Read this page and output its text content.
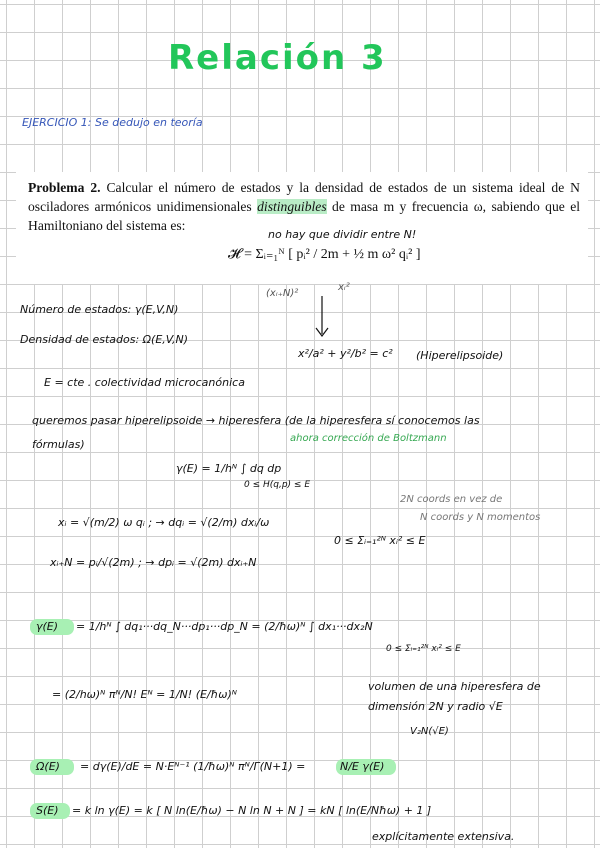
Relación 3
EJERCICIO 1: Se dedujo en teoría
Problema 2. Calcular el número de estados y la densidad de estados de un sistema ideal de N osciladores armónicos unidimensionales distinguibles de masa m y frecuencia ω, sabiendo que el Hamiltoniano del sistema es:
𝓗 = Σᵢ₌₁ᴺ [ pᵢ² / 2m + ½ m ω² qᵢ² ]
no hay que dividir entre N!
(xᵢ₊N)²
xᵢ²
Número de estados: γ(E,V,N)
Densidad de estados: Ω(E,V,N)
x²/a² + y²/b² = c² (Hiperelipsoide)
E = cte . colectividad microcanónica
queremos pasar hiperelipsoide → hiperesfera (de la hiperesfera sí conocemos las
fórmulas)	ahora corrección de Boltzmann
γ(E) = 1/hᴺ ∫ dq dp
0 ≤ H(q,p) ≤ E
2N coords en vez de
N coords y N momentos
xᵢ = √(m/2) ω qᵢ ; → dqᵢ = √(2/m) dxᵢ/ω
xᵢ₊N = pᵢ/√(2m) ; → dpᵢ = √(2m) dxᵢ₊N
0 ≤ Σᵢ₌₁²ᴺ xᵢ² ≤ E
γ(E) = 1/hᴺ ∫ dq₁···dq_N···dp₁···dp_N = (2/ħω)ᴺ ∫ dx₁···dx₂N
0 ≤ Σᵢ₌₁²ᴺ xᵢ² ≤ E
= (2/hω)ᴺ πᴺ/N! Eᴺ = 1/N! (E/ħω)ᴺ
volumen de una hiperesfera de
dimensión 2N y radio √E
V₂N(√E)
Ω(E) = dγ(E)/dE = N·Eᴺ⁻¹ (1/ħω)ᴺ πᴺ/Γ(N+1) =	N/E γ(E)
S(E) = k ln γ(E) = k [ N ln(E/ħω) − N ln N + N ] = kN [ ln(E/Nħω) + 1 ]
explícitamente extensiva.
